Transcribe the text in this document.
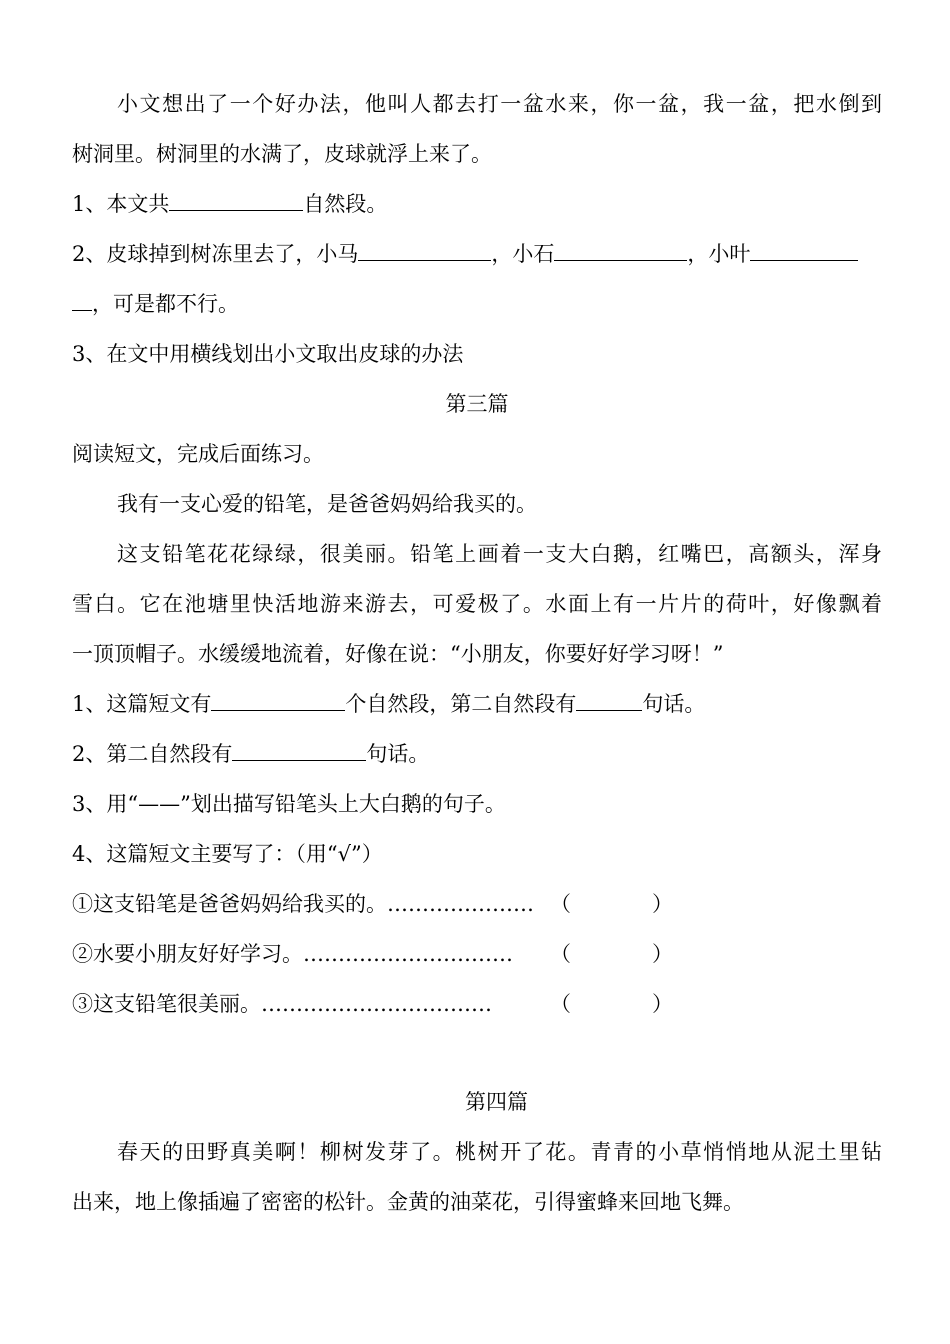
小文想出了一个好办法，他叫人都去打一盆水来，你一盆，我一盆，把水倒到
树洞里。树洞里的水满了，皮球就浮上来了。
1、本文共	自然段。
2、皮球掉到树冻里去了，小马	，小石	，小叶
，可是都不行。
3、在文中用横线划出小文取出皮球的办法
第三篇
阅读短文，完成后面练习。
我有一支心爱的铅笔，是爸爸妈妈给我买的。
这支铅笔花花绿绿，很美丽。铅笔上画着一支大白鹅，红嘴巴，高额头，浑身
雪白。它在池塘里快活地游来游去，可爱极了。水面上有一片片的荷叶，好像飘着
一顶顶帽子。水缓缓地流着，好像在说：“小朋友，你要好好学习呀！”
1、这篇短文有	个自然段，第二自然段有	句话。
2、第二自然段有	句话。
3、用“——”划出描写铅笔头上大白鹅的句子。
4、这篇短文主要写了：（用“√”）
①这支铅笔是爸爸妈妈给我买的。………………… （	）
②水要小朋友好好学习。………………………… （	）
③这支铅笔很美丽。……………………………	（	）
第四篇
春天的田野真美啊！柳树发芽了。桃树开了花。青青的小草悄悄地从泥土里钻
出来，地上像插遍了密密的松针。金黄的油菜花，引得蜜蜂来回地飞舞。
